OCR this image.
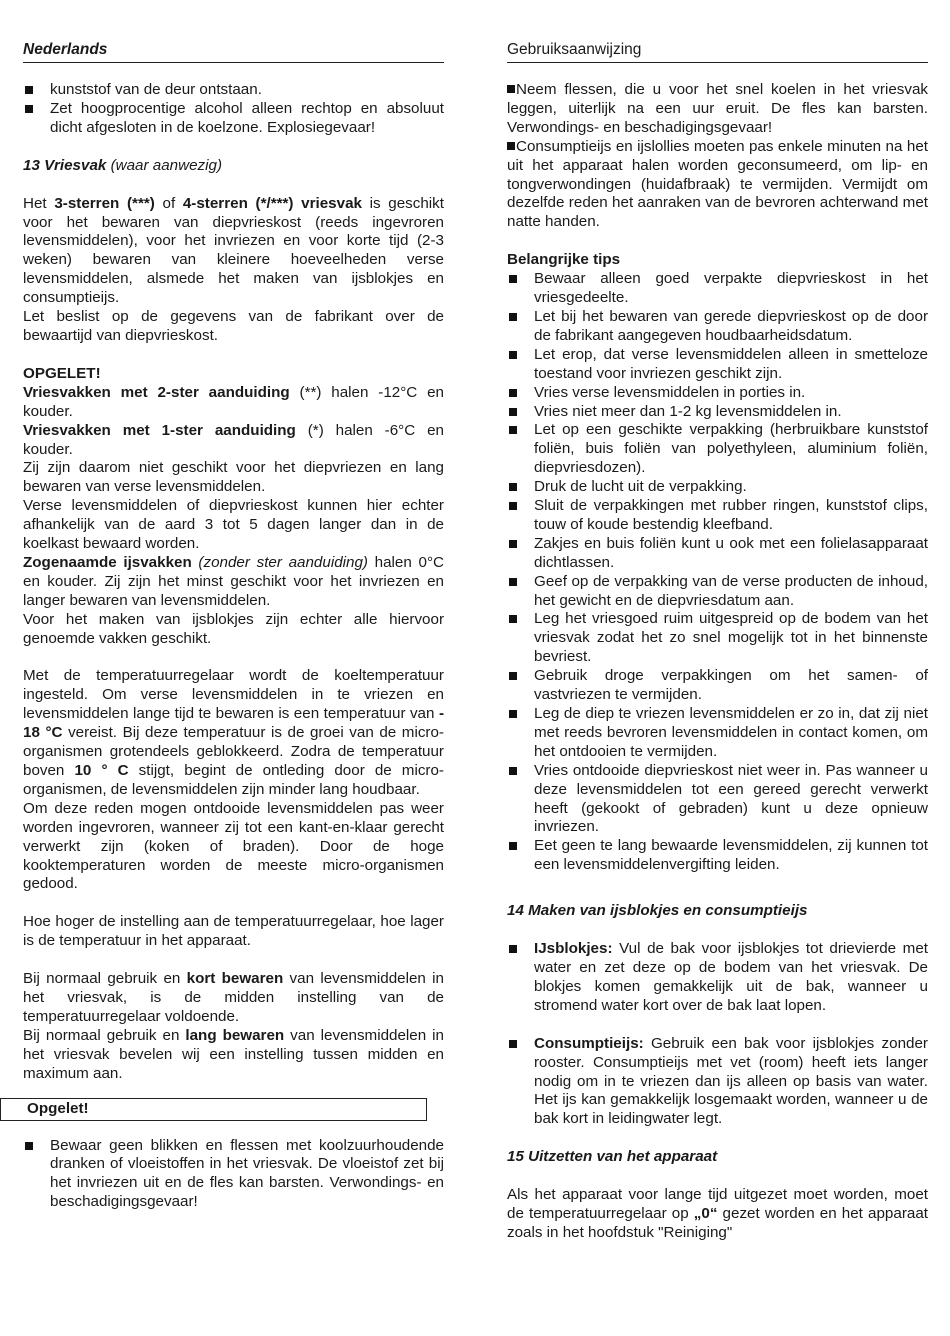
Nederlands
kunststof van de deur ontstaan.
Zet hoogprocentige alcohol alleen rechtop en absoluut dicht afgesloten in de koelzone. Explosiegevaar!

13 Vriesvak (waar aanwezig)

Het 3-sterren (***) of 4-sterren (*/***) vriesvak is geschikt voor het bewaren van diepvrieskost (reeds ingevroren levensmiddelen), voor het invriezen en voor korte tijd (2-3 weken) bewaren van kleinere hoeveelheden verse levensmiddelen, alsmede het maken van ijsblokjes en consumptieijs.

Let beslist op de gegevens van de fabrikant over de bewaartijd van diepvrieskost.

OPGELET!

Vriesvakken met 2-ster aanduiding (**) halen -12°C en kouder.

Vriesvakken met 1-ster aanduiding (*) halen -6°C en kouder.

Zij zijn daarom niet geschikt voor het diepvriezen en lang bewaren van verse levensmiddelen.

Verse levensmiddelen of diepvrieskost kunnen hier echter afhankelijk van de aard 3 tot 5 dagen langer dan in de koelkast bewaard worden.

Zogenaamde ijsvakken (zonder ster aanduiding) halen 0°C en kouder. Zij zijn het minst geschikt voor het invriezen en langer bewaren van levensmiddelen.

Voor het maken van ijsblokjes zijn echter alle hiervoor genoemde vakken geschikt.

Met de temperatuurregelaar wordt de koeltemperatuur ingesteld. Om verse levensmiddelen in te vriezen en levensmiddelen lange tijd te bewaren is een temperatuur van - 18 °C vereist. Bij deze temperatuur is de groei van de micro-organismen grotendeels geblokkeerd. Zodra de temperatuur boven 10 ° C stijgt, begint de ontleding door de micro-organismen, de levensmiddelen zijn minder lang houdbaar.

Om deze reden mogen ontdooide levensmiddelen pas weer worden ingevroren, wanneer zij tot een kant-en-klaar gerecht verwerkt zijn (koken of braden). Door de hoge kooktemperaturen worden de meeste micro-organismen gedood.

Hoe hoger de instelling aan de temperatuurregelaar, hoe lager is de temperatuur in het apparaat.

Bij normaal gebruik en kort bewaren van levensmiddelen in het vriesvak, is de midden instelling van de temperatuurregelaar voldoende.

Bij normaal gebruik en lang bewaren van levensmiddelen in het vriesvak bevelen wij een instelling tussen midden en maximum aan.

Opgelet!
Bewaar geen blikken en flessen met koolzuurhoudende dranken of vloeistoffen in het vriesvak. De vloeistof zet bij het invriezen uit en de fles kan barsten. Verwondings- en beschadigingsgevaar!
Gebruiksaanwijzing

Neem flessen, die u voor het snel koelen in het vriesvak leggen, uiterlijk na een uur eruit. De fles kan barsten. Verwondings- en beschadigingsgevaar!

Consumptieijs en ijslollies moeten pas enkele minuten na het uit het apparaat halen worden geconsumeerd, om lip- en tongverwondingen (huidafbraak) te vermijden. Vermijdt om dezelfde reden het aanraken van de bevroren achterwand met natte handen.

Belangrijke tips

Bewaar alleen goed verpakte diepvrieskost in het vriesgedeelte.
Let bij het bewaren van gerede diepvrieskost op de door de fabrikant aangegeven houdbaarheidsdatum.
Let erop, dat verse levensmiddelen alleen in smetteloze toestand voor invriezen geschikt zijn.
Vries verse levensmiddelen in porties in.
Vries niet meer dan 1-2 kg levensmiddelen in.
Let op een geschikte verpakking (herbruikbare kunststof foliën, buis foliën van polyethyleen, aluminium foliën, diepvriesdozen).
Druk de lucht uit de verpakking.
Sluit de verpakkingen met rubber ringen, kunststof clips, touw of koude bestendig kleefband.
Zakjes en buis foliën kunt u ook met een folielasapparaat dichtlassen.
Geef op de verpakking van de verse producten de inhoud, het gewicht en de diepvriesdatum aan.
Leg het vriesgoed ruim uitgespreid op de bodem van het vriesvak zodat het zo snel mogelijk tot in het binnenste bevriest.
Gebruik droge verpakkingen om het samen- of vastvriezen te vermijden.
Leg de diep te vriezen levensmiddelen er zo in, dat zij niet met reeds bevroren levensmiddelen in contact komen, om het ontdooien te vermijden.
Vries ontdooide diepvrieskost niet weer in. Pas wanneer u deze levensmiddelen tot een gereed gerecht verwerkt heeft (gekookt of gebraden) kunt u deze opnieuw invriezen.
Eet geen te lang bewaarde levensmiddelen, zij kunnen tot een levensmiddelenvergifting leiden.

14 Maken van ijsblokjes en consumptieijs

IJsblokjes: Vul de bak voor ijsblokjes tot drievierde met water en zet deze op de bodem van het vriesvak. De blokjes komen gemakkelijk uit de bak, wanneer u stromend water kort over de bak laat lopen.
Consumptieijs: Gebruik een bak voor ijsblokjes zonder rooster. Consumptieijs met vet (room) heeft iets langer nodig om in te vriezen dan ijs alleen op basis van water. Het ijs kan gemakkelijk losgemaakt worden, wanneer u de bak kort in leidingwater legt.

15 Uitzetten van het apparaat

Als het apparaat voor lange tijd uitgezet moet worden, moet de temperatuurregelaar op „0“ gezet worden en het apparaat zoals in het hoofdstuk "Reiniging"
